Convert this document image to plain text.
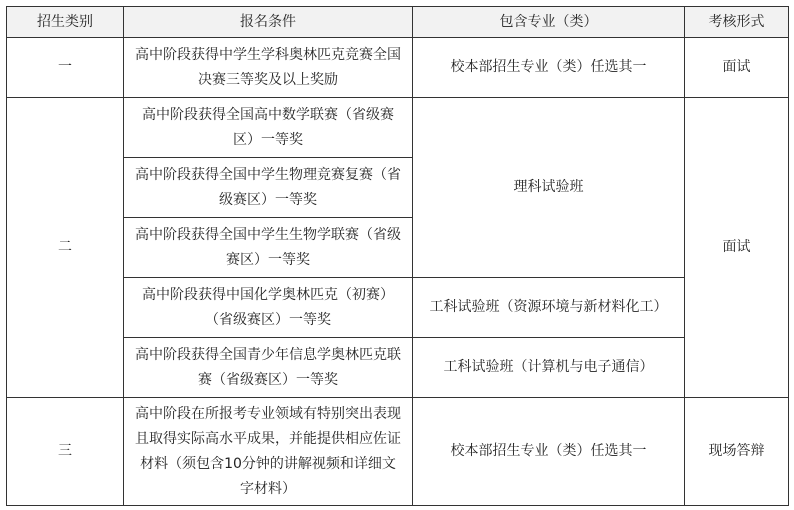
招生类别	报名条件	包含专业（类）	考核形式
一	高中阶段获得中学生学科奥林匹克竞赛全国决赛三等奖及以上奖励	校本部招生专业（类）任选其一	面试
二	高中阶段获得全国高中数学联赛（省级赛区）一等奖	理科试验班	面试
	高中阶段获得全国中学生物理竞赛复赛（省级赛区）一等奖		
	高中阶段获得全国中学生生物学联赛（省级赛区）一等奖		
	高中阶段获得中国化学奥林匹克（初赛）（省级赛区）一等奖	工科试验班（资源环境与新材料化工）	
	高中阶段获得全国青少年信息学奥林匹克联赛（省级赛区）一等奖	工科试验班（计算机与电子通信）	
三	高中阶段在所报考专业领域有特别突出表现且取得实际高水平成果，并能提供相应佐证材料（须包含10分钟的讲解视频和详细文字材料）	校本部招生专业（类）任选其一	现场答辩
